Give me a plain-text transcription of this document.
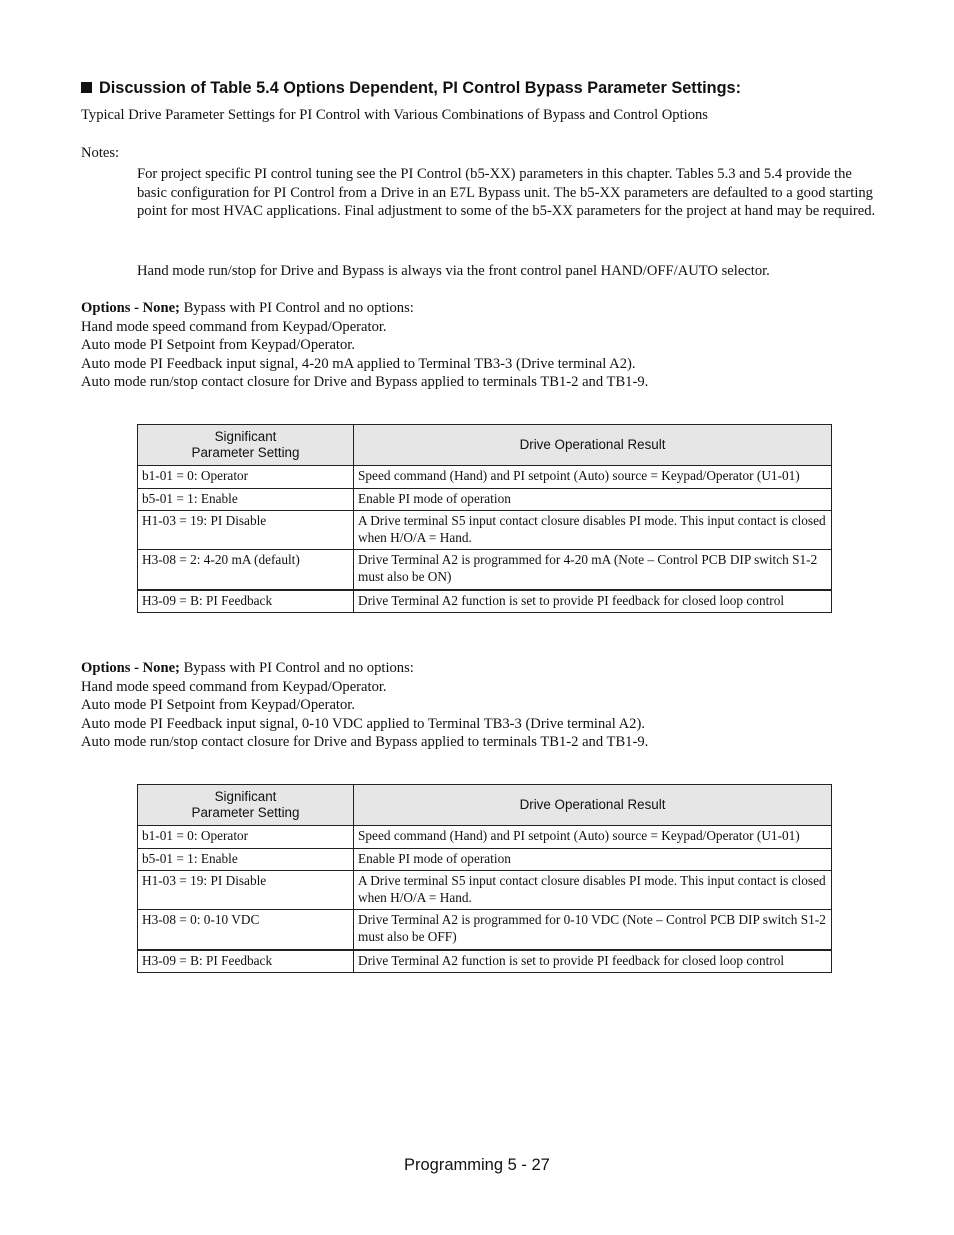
Discussion of Table 5.4 Options Dependent, PI Control Bypass Parameter Settings:
Typical Drive Parameter Settings for PI Control with Various Combinations of Bypass and Control Options
Notes:
For project specific PI control tuning see the PI Control (b5-XX) parameters in this chapter. Tables 5.3 and 5.4 provide the basic configuration for PI Control from a Drive in an E7L Bypass unit. The b5-XX parameters are defaulted to a good starting point for most HVAC applications. Final adjustment to some of the b5-XX parameters for the project at hand may be required.
Hand mode run/stop for Drive and Bypass is always via the front control panel HAND/OFF/AUTO selector.
Options - None; Bypass with PI Control and no options:
Hand mode speed command from Keypad/Operator.
Auto mode PI Setpoint from Keypad/Operator.
Auto mode PI Feedback input signal, 4-20 mA applied to Terminal TB3-3 (Drive terminal A2).
Auto mode run/stop contact closure for Drive and Bypass applied to terminals TB1-2 and TB1-9.
Significant
Parameter Setting	Drive Operational Result
b1-01 = 0: Operator	Speed command (Hand) and PI setpoint (Auto) source = Keypad/Operator (U1-01)
b5-01 = 1: Enable	Enable PI mode of operation
H1-03 = 19: PI Disable	A Drive terminal S5 input contact closure disables PI mode. This input contact is closed when H/O/A = Hand.
H3-08 = 2: 4-20 mA (default)	Drive Terminal A2 is programmed for 4-20 mA (Note – Control PCB DIP switch S1-2 must also be ON)
H3-09 = B: PI Feedback	Drive Terminal A2 function is set to provide PI feedback for closed loop control
Options - None; Bypass with PI Control and no options:
Hand mode speed command from Keypad/Operator.
Auto mode PI Setpoint from Keypad/Operator.
Auto mode PI Feedback input signal, 0-10 VDC applied to Terminal TB3-3 (Drive terminal A2).
Auto mode run/stop contact closure for Drive and Bypass applied to terminals TB1-2 and TB1-9.
Significant
Parameter Setting	Drive Operational Result
b1-01 = 0: Operator	Speed command (Hand) and PI setpoint (Auto) source = Keypad/Operator (U1-01)
b5-01 = 1: Enable	Enable PI mode of operation
H1-03 = 19: PI Disable	A Drive terminal S5 input contact closure disables PI mode. This input contact is closed when H/O/A = Hand.
H3-08 = 0: 0-10 VDC	Drive Terminal A2 is programmed for 0-10 VDC (Note – Control PCB DIP switch S1-2 must also be OFF)
H3-09 = B: PI Feedback	Drive Terminal A2 function is set to provide PI feedback for closed loop control
Programming 5 - 27
